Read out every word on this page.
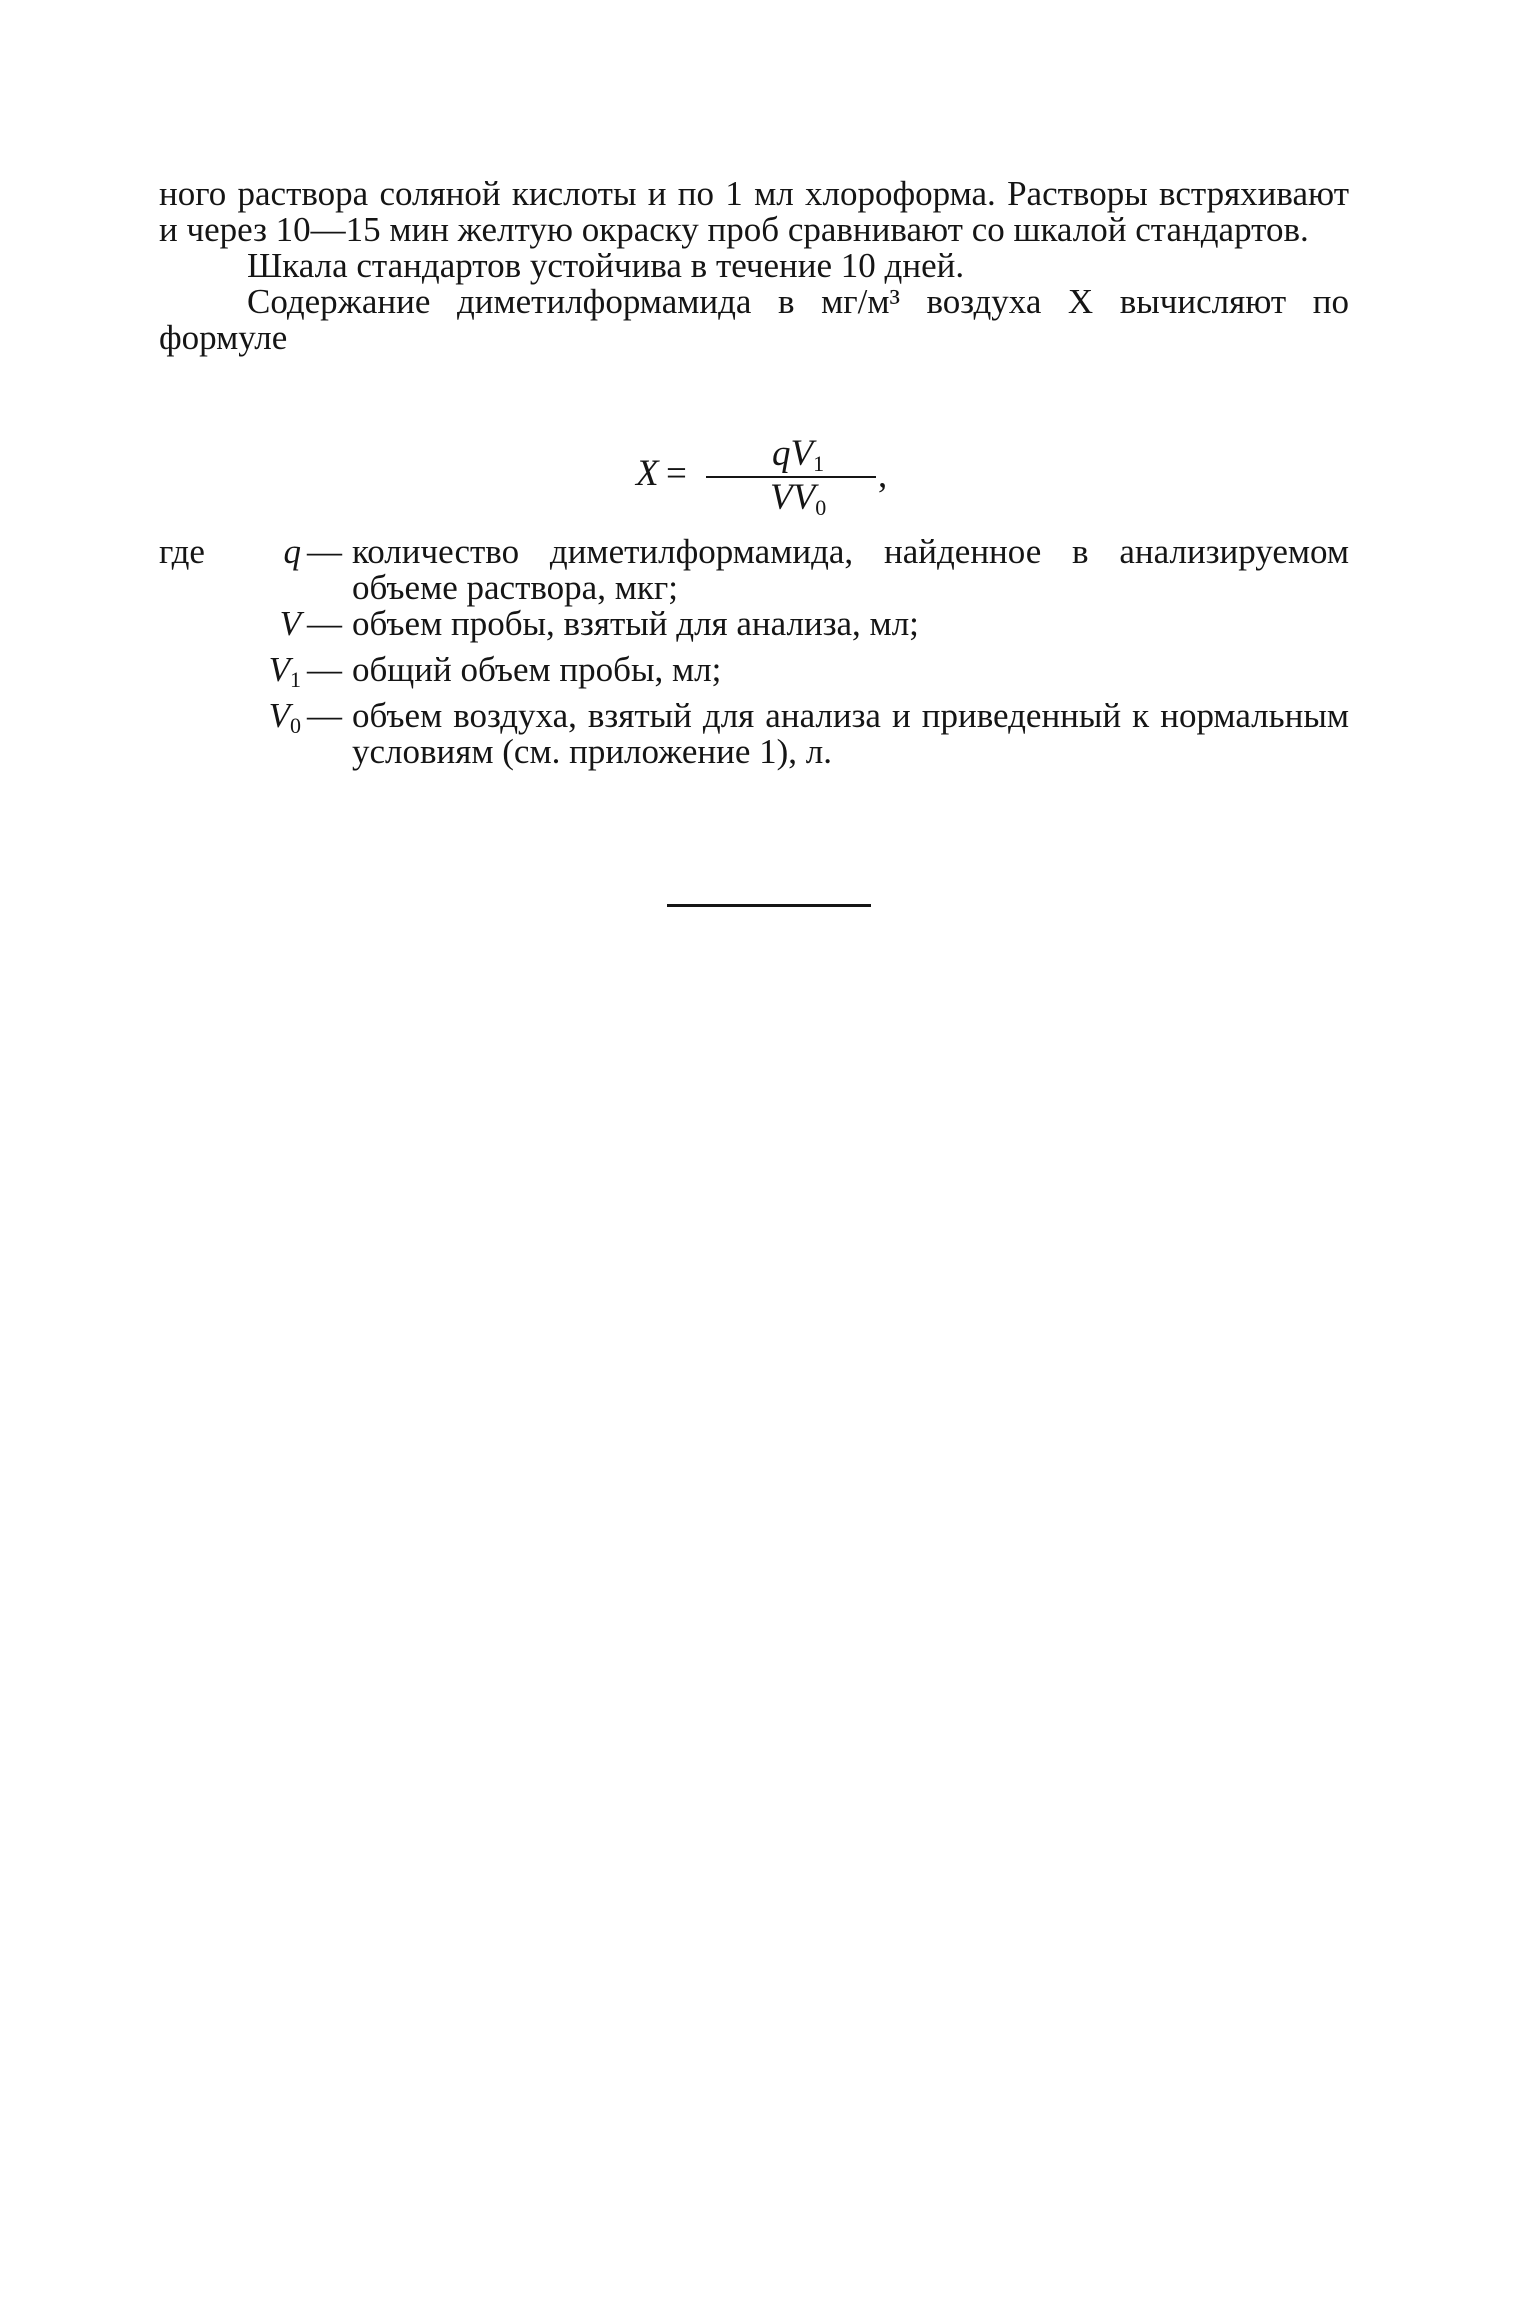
ного раствора соляной кислоты и по 1 мл хлороформа. Растворы встряхивают и через 10—15 мин желтую окраску проб сравнивают со шкалой стандартов.

Шкала стандартов устойчива в течение 10 дней.

Содержание диметилформамида в мг/м³ воздуха X вычисляют по формуле

$X = qV_1$
$VV_0$
,
где	q — количество диметилформамида, найденное в анализируемом объеме раствора, мкг;
V — объем пробы, взятый для анализа, мл;
$V_1$ — общий объем пробы, мл;
$V_0$ — объем воздуха, взятый для анализа и приведенный к нормальным условиям (см. приложение 1), л.
